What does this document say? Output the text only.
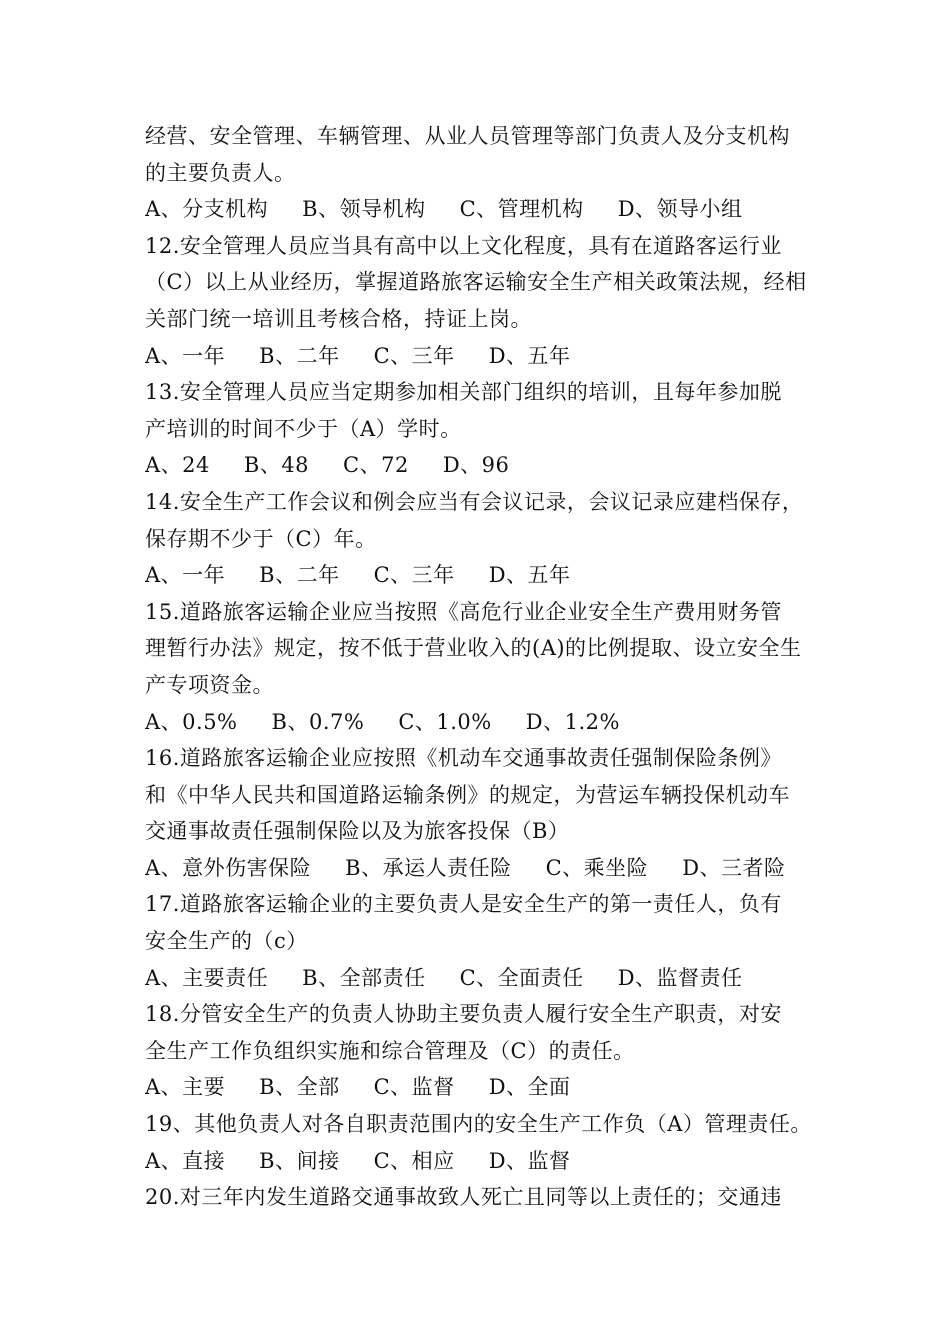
经营、安全管理、车辆管理、从业人员管理等部门负责人及分支机构
的主要负责人。
A、分支机构 B、领导机构 C、管理机构 D、领导小组
12.安全管理人员应当具有高中以上文化程度，具有在道路客运行业
（C）以上从业经历，掌握道路旅客运输安全生产相关政策法规，经相
关部门统一培训且考核合格，持证上岗。
A、一年 B、二年 C、三年 D、五年
13.安全管理人员应当定期参加相关部门组织的培训，且每年参加脱
产培训的时间不少于（A）学时。
A、24 B、48 C、72 D、96
14.安全生产工作会议和例会应当有会议记录，会议记录应建档保存，
保存期不少于（C）年。
A、一年 B、二年 C、三年 D、五年
15.道路旅客运输企业应当按照《高危行业企业安全生产费用财务管
理暂行办法》规定，按不低于营业收入的(A)的比例提取、设立安全生
产专项资金。
A、0.5% B、0.7% C、1.0% D、1.2%
16.道路旅客运输企业应按照《机动车交通事故责任强制保险条例》
和《中华人民共和国道路运输条例》的规定，为营运车辆投保机动车
交通事故责任强制保险以及为旅客投保（B）
A、意外伤害保险 B、承运人责任险 C、乘坐险 D、三者险
17.道路旅客运输企业的主要负责人是安全生产的第一责任人，负有
安全生产的（c）
A、主要责任 B、全部责任 C、全面责任 D、监督责任
18.分管安全生产的负责人协助主要负责人履行安全生产职责，对安
全生产工作负组织实施和综合管理及（C）的责任。
A、主要 B、全部 C、监督 D、全面
19、其他负责人对各自职责范围内的安全生产工作负（A）管理责任。
A、直接 B、间接 C、相应 D、监督
20.对三年内发生道路交通事故致人死亡且同等以上责任的；交通违
